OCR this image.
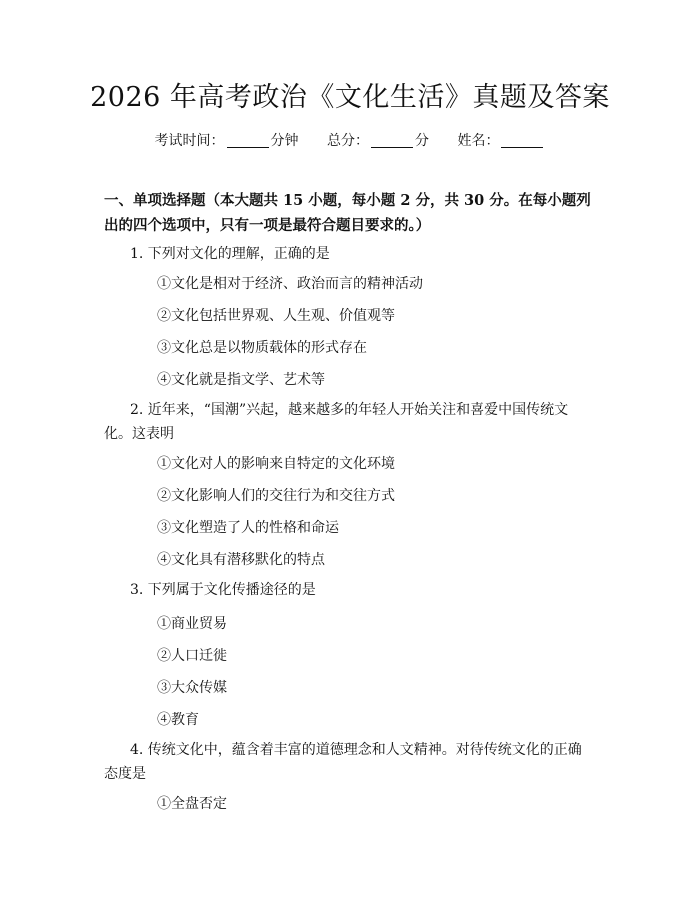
2026 年高考政治《文化生活》真题及答案
考试时间：	分钟 总分：	分 姓名：
一、单项选择题（本大题共 15 小题，每小题 2 分，共 30 分。在每小题列出的四个选项中，只有一项是最符合题目要求的。）
1. 下列对文化的理解，正确的是
①文化是相对于经济、政治而言的精神活动
②文化包括世界观、人生观、价值观等
③文化总是以物质载体的形式存在
④文化就是指文学、艺术等
2. 近年来，“国潮”兴起，越来越多的年轻人开始关注和喜爱中国传统文化。这表明
①文化对人的影响来自特定的文化环境
②文化影响人们的交往行为和交往方式
③文化塑造了人的性格和命运
④文化具有潜移默化的特点
3. 下列属于文化传播途径的是
①商业贸易
②人口迁徙
③大众传媒
④教育
4. 传统文化中，蕴含着丰富的道德理念和人文精神。对待传统文化的正确态度是
①全盘否定
